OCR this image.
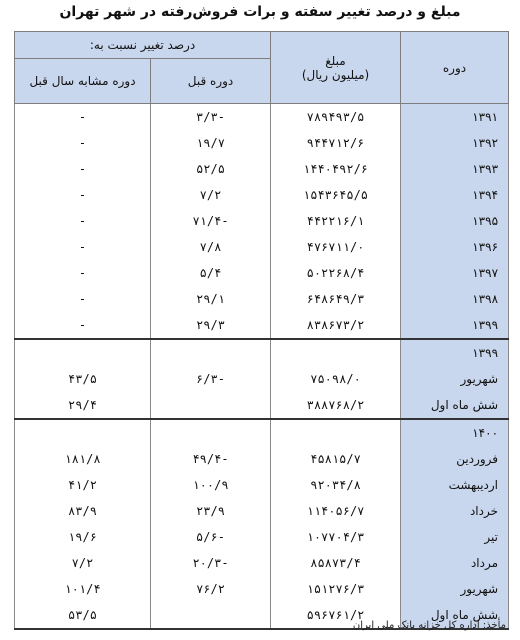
مبلغ و درصد تغییر سفته و برات فروش‌رفته در شهر تهران
دوره	مبلغ
(میلیون ریال)	درصد تغییر نسبت به:	
		دوره قبل	دوره مشابه سال قبل
۱۳۹۱	۷۸۹۴۹۳/۵	-۳/۳	-
۱۳۹۲	۹۴۴۷۱۲/۶	۱۹/۷	-
۱۳۹۳	۱۴۴۰۴۹۲/۶	۵۲/۵	-
۱۳۹۴	۱۵۴۳۶۴۵/۵	۷/۲	-
۱۳۹۵	۴۴۲۲۱۶/۱	-۷۱/۴	-
۱۳۹۶	۴۷۶۷۱۱/۰	۷/۸	-
۱۳۹۷	۵۰۲۲۶۸/۴	۵/۴	-
۱۳۹۸	۶۴۸۶۴۹/۳	۲۹/۱	-
۱۳۹۹	۸۳۸۶۷۳/۲	۲۹/۳	-

۱۳۹۹			
شهریور	۷۵۰۹۸/۰	-۶/۳	۴۳/۵
شش ماه اول	۳۸۸۷۶۸/۲		۲۹/۴

۱۴۰۰			
فروردین	۴۵۸۱۵/۷	-۴۹/۴	۱۸۱/۸
اردیبهشت	۹۲۰۳۴/۸	۱۰۰/۹	۴۱/۲
خرداد	۱۱۴۰۵۶/۷	۲۳/۹	۸۳/۹
تیر	۱۰۷۷۰۴/۳	-۵/۶	۱۹/۶
مرداد	۸۵۸۷۳/۴	-۲۰/۳	۷/۲
شهریور	۱۵۱۲۷۶/۳	۷۶/۲	۱۰۱/۴
شش ماه اول	۵۹۶۷۶۱/۲		۵۳/۵
مأخذ: اداره کل خزانه بانک ملی ایران
